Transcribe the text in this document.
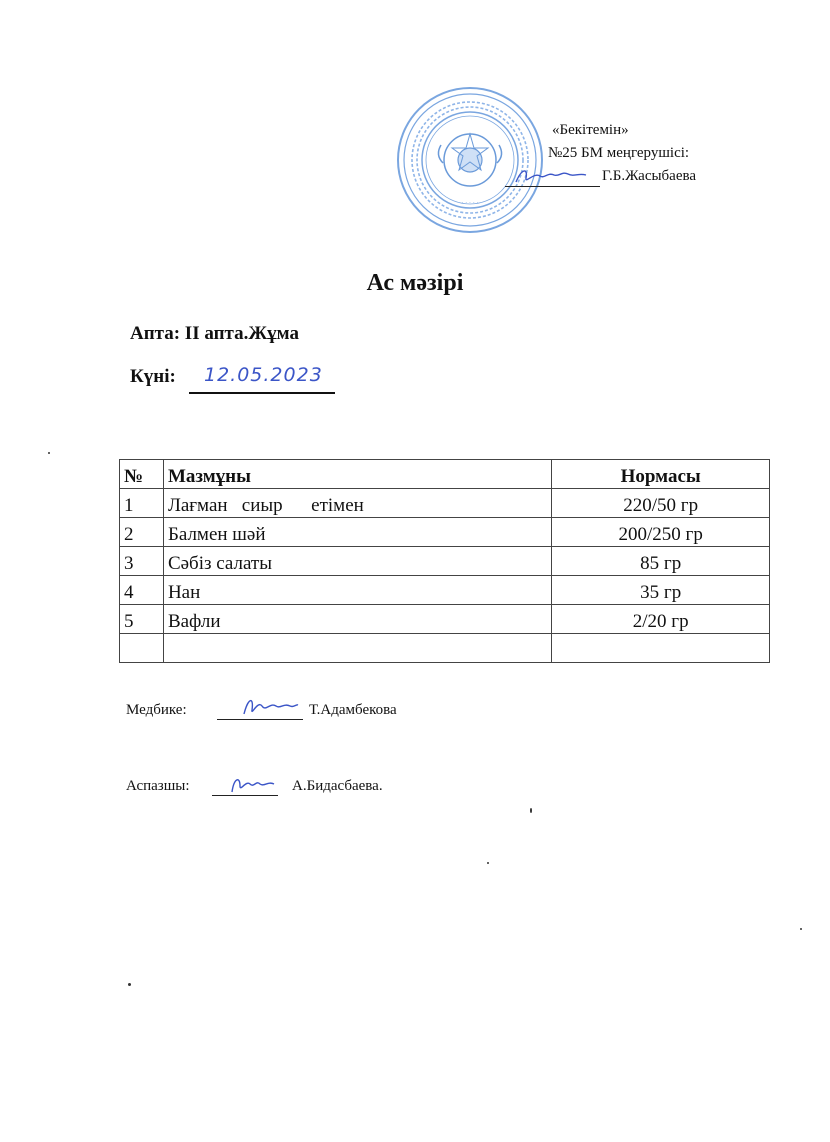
. . . . .
«Бекітемін»
№25 БМ меңгерушісі:
Г.Б.Жасыбаева
Ас мәзірі
Апта: II апта.Жұма
Күні: 12.05.2023
№	Мазмұны	Нормасы
1	Лағман   сиыр      етімен	220/50 гр
2	Балмен шәй	200/250 гр
3	Сәбіз салаты	85 гр
4	Нан	35 гр
5	Вафли	2/20 гр

Медбике:	Т.Адамбекова
Аспазшы:	А.Бидасбаева.
